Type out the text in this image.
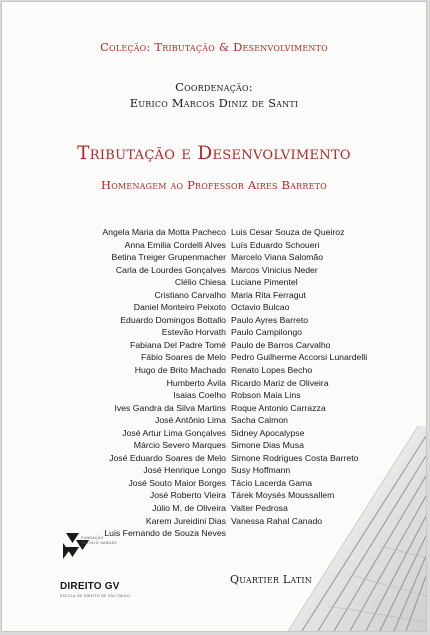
Coleção: Tributação & Desenvolvimento
Coordenação:
Eurico Marcos Diniz de Santi
Tributação e Desenvolvimento
Homenagem ao Professor Aires Barreto
Angela Maria da Motta Pacheco
Anna Emilia Cordelli Alves
Betina Treiger Grupenmacher
Carla de Lourdes Gonçalves
Clélio Chiesa
Cristiano Carvalho
Daniel Monteiro Peixoto
Eduardo Domingos Bottallo
Estevão Horvath
Fabiana Del Padre Tomé
Fábio Soares de Melo
Hugo de Brito Machado
Humberto Ávila
Isaias Coelho
Ives Gandra da Silva Martins
José Antônio Lima
José Artur Lima Gonçalves
Márcio Severo Marques
José Eduardo Soares de Melo
José Henrique Longo
José Souto Maior Borges
José Roberto Vieira
Júlio M. de Oliveira
Karem Jureidini Dias
Luis Fernando de Souza Neves
Luis Cesar Souza de Queiroz
Luís Eduardo Schoueri
Marcelo Viana Salomão
Marcos Vinicius Neder
Luciane Pimentel
Maria Rita Ferragut
Octavio Bulcao
Paulo Ayres Barreto
Paulo Campilongo
Paulo de Barros Carvalho
Pedro Guilherme Accorsi Lunardelli
Renato Lopes Becho
Ricardo Mariz de Oliveira
Robson Maia Lins
Roque Antonio Carrazza
Sacha Calmon
Sidney Apocalypse
Simone Dias Musa
Simone Rodrigues Costa Barreto
Susy Hoffmann
Tácio Lacerda Gama
Tárek Moysés Moussallem
Valter Pedrosa
Vanessa Rahal Canado
FUNDAÇÃO
GETULIO VARGAS
DIREITO GV
ESCOLA DE DIREITO DE SÃO PAULO
Quartier Latin
